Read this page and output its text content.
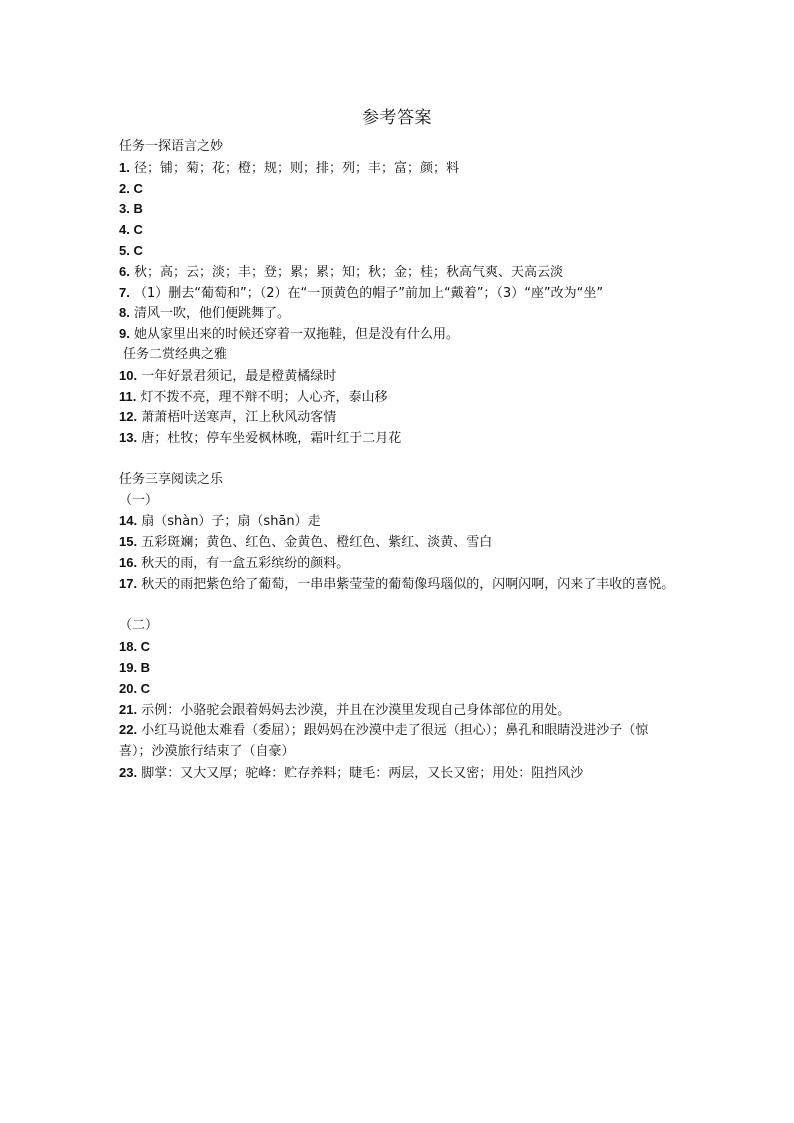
参考答案
任务一探语言之妙
1. 径；铺；菊；花；橙；规；则；排；列；丰；富；颜；料
2. C
3. B
4. C
5. C
6. 秋；高；云；淡；丰；登；累；累；知；秋；金；桂；秋高气爽、天高云淡
7. （1）删去“葡萄和”；（2）在“一顶黄色的帽子”前加上“戴着”；（3）“座”改为“坐”
8. 清风一吹，他们便跳舞了。
9. 她从家里出来的时候还穿着一双拖鞋，但是没有什么用。
任务二赏经典之雅
10. 一年好景君须记，最是橙黄橘绿时
11. 灯不拨不亮，理不辩不明；人心齐，泰山移
12. 萧萧梧叶送寒声，江上秋风动客情
13. 唐；杜牧；停车坐爱枫林晚，霜叶红于二月花
任务三享阅读之乐
（一）
14. 扇（shàn）子；扇（shān）走
15. 五彩斑斓；黄色、红色、金黄色、橙红色、紫红、淡黄、雪白
16. 秋天的雨，有一盒五彩缤纷的颜料。
17. 秋天的雨把紫色给了葡萄，一串串紫莹莹的葡萄像玛瑙似的，闪啊闪啊，闪来了丰收的喜悦。
（二）
18. C
19. B
20. C
21. 示例：小骆驼会跟着妈妈去沙漠，并且在沙漠里发现自己身体部位的用处。
22. 小红马说他太难看（委屈）；跟妈妈在沙漠中走了很远（担心）；鼻孔和眼睛没进沙子（惊喜）；沙漠旅行结束了（自豪）
23. 脚掌：又大又厚；驼峰：贮存养料；睫毛：两层，又长又密；用处：阻挡风沙
